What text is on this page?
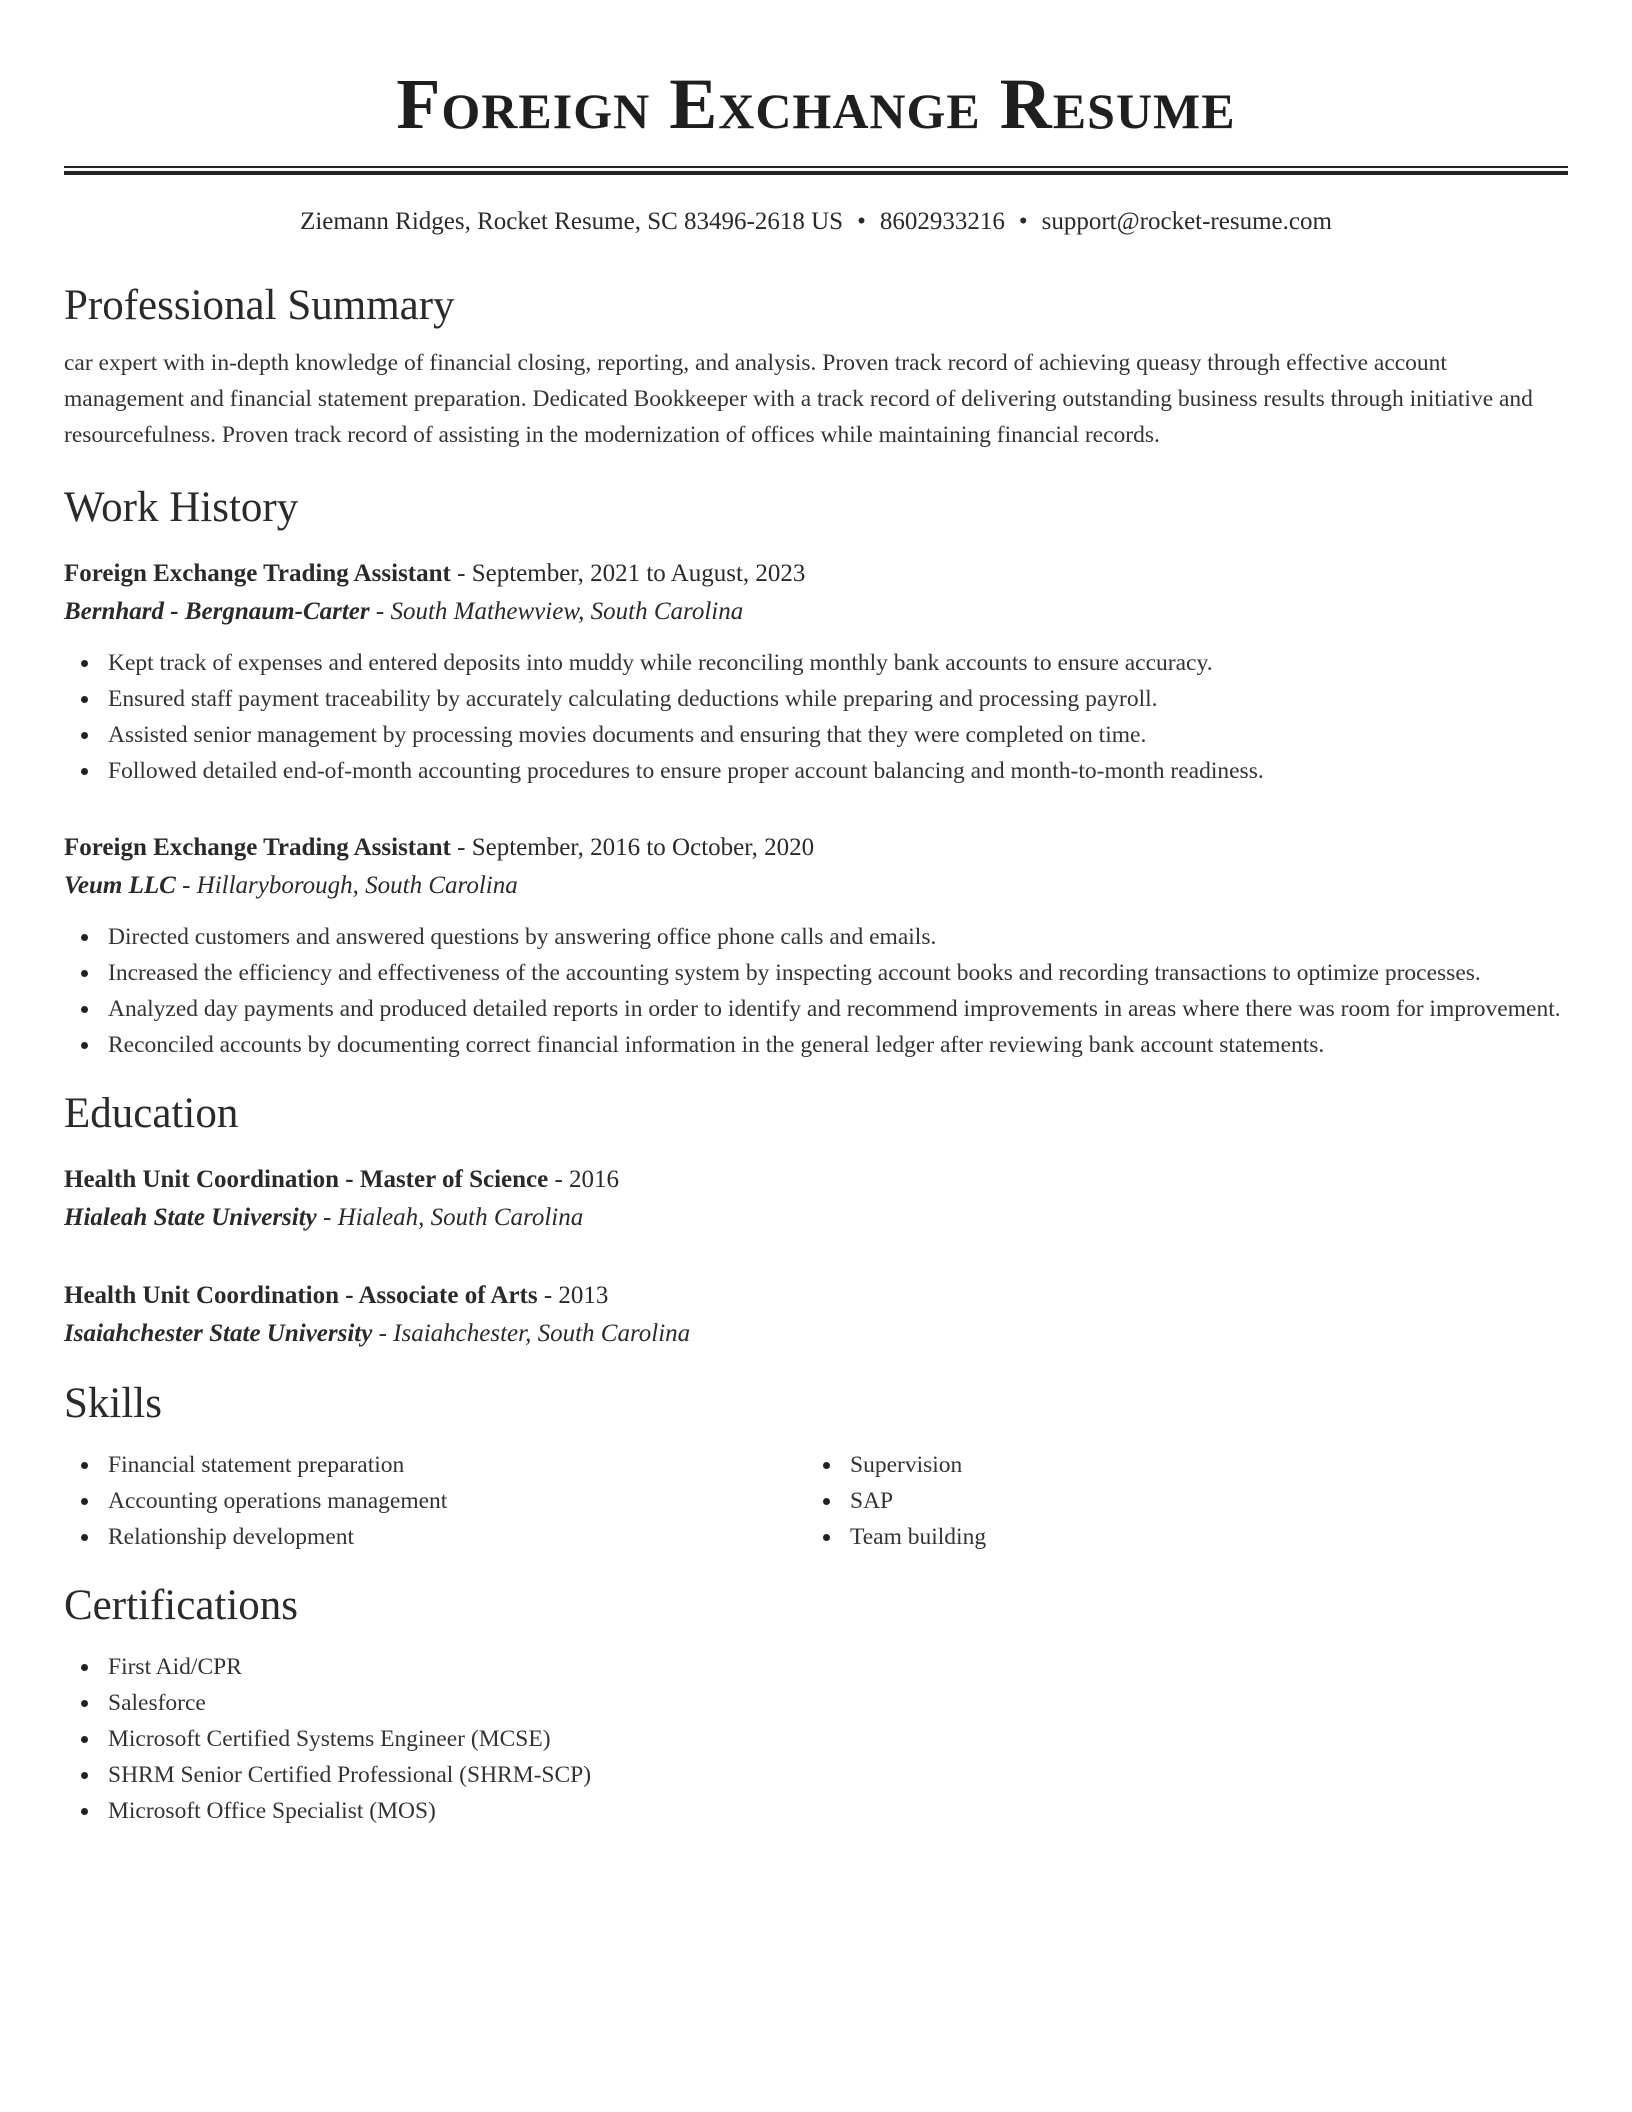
Foreign Exchange Resume
Ziemann Ridges, Rocket Resume, SC 83496-2618 US • 8602933216 • support@rocket-resume.com
Professional Summary

car expert with in-depth knowledge of financial closing, reporting, and analysis. Proven track record of achieving queasy through effective account management and financial statement preparation. Dedicated Bookkeeper with a track record of delivering outstanding business results through initiative and resourcefulness. Proven track record of assisting in the modernization of offices while maintaining financial records.

Work History
Foreign Exchange Trading Assistant - September, 2021 to August, 2023
Bernhard - Bergnaum-Carter - South Mathewview, South Carolina
Kept track of expenses and entered deposits into muddy while reconciling monthly bank accounts to ensure accuracy.
Ensured staff payment traceability by accurately calculating deductions while preparing and processing payroll.
Assisted senior management by processing movies documents and ensuring that they were completed on time.
Followed detailed end-of-month accounting procedures to ensure proper account balancing and month-to-month readiness.
Foreign Exchange Trading Assistant - September, 2016 to October, 2020
Veum LLC - Hillaryborough, South Carolina
Directed customers and answered questions by answering office phone calls and emails.
Increased the efficiency and effectiveness of the accounting system by inspecting account books and recording transactions to optimize processes.
Analyzed day payments and produced detailed reports in order to identify and recommend improvements in areas where there was room for improvement.
Reconciled accounts by documenting correct financial information in the general ledger after reviewing bank account statements.
Education
Health Unit Coordination - Master of Science - 2016
Hialeah State University - Hialeah, South Carolina
Health Unit Coordination - Associate of Arts - 2013
Isaiahchester State University - Isaiahchester, South Carolina
Skills
Financial statement preparation
Accounting operations management
Relationship development
Supervision
SAP
Team building
Certifications
First Aid/CPR
Salesforce
Microsoft Certified Systems Engineer (MCSE)
SHRM Senior Certified Professional (SHRM-SCP)
Microsoft Office Specialist (MOS)
